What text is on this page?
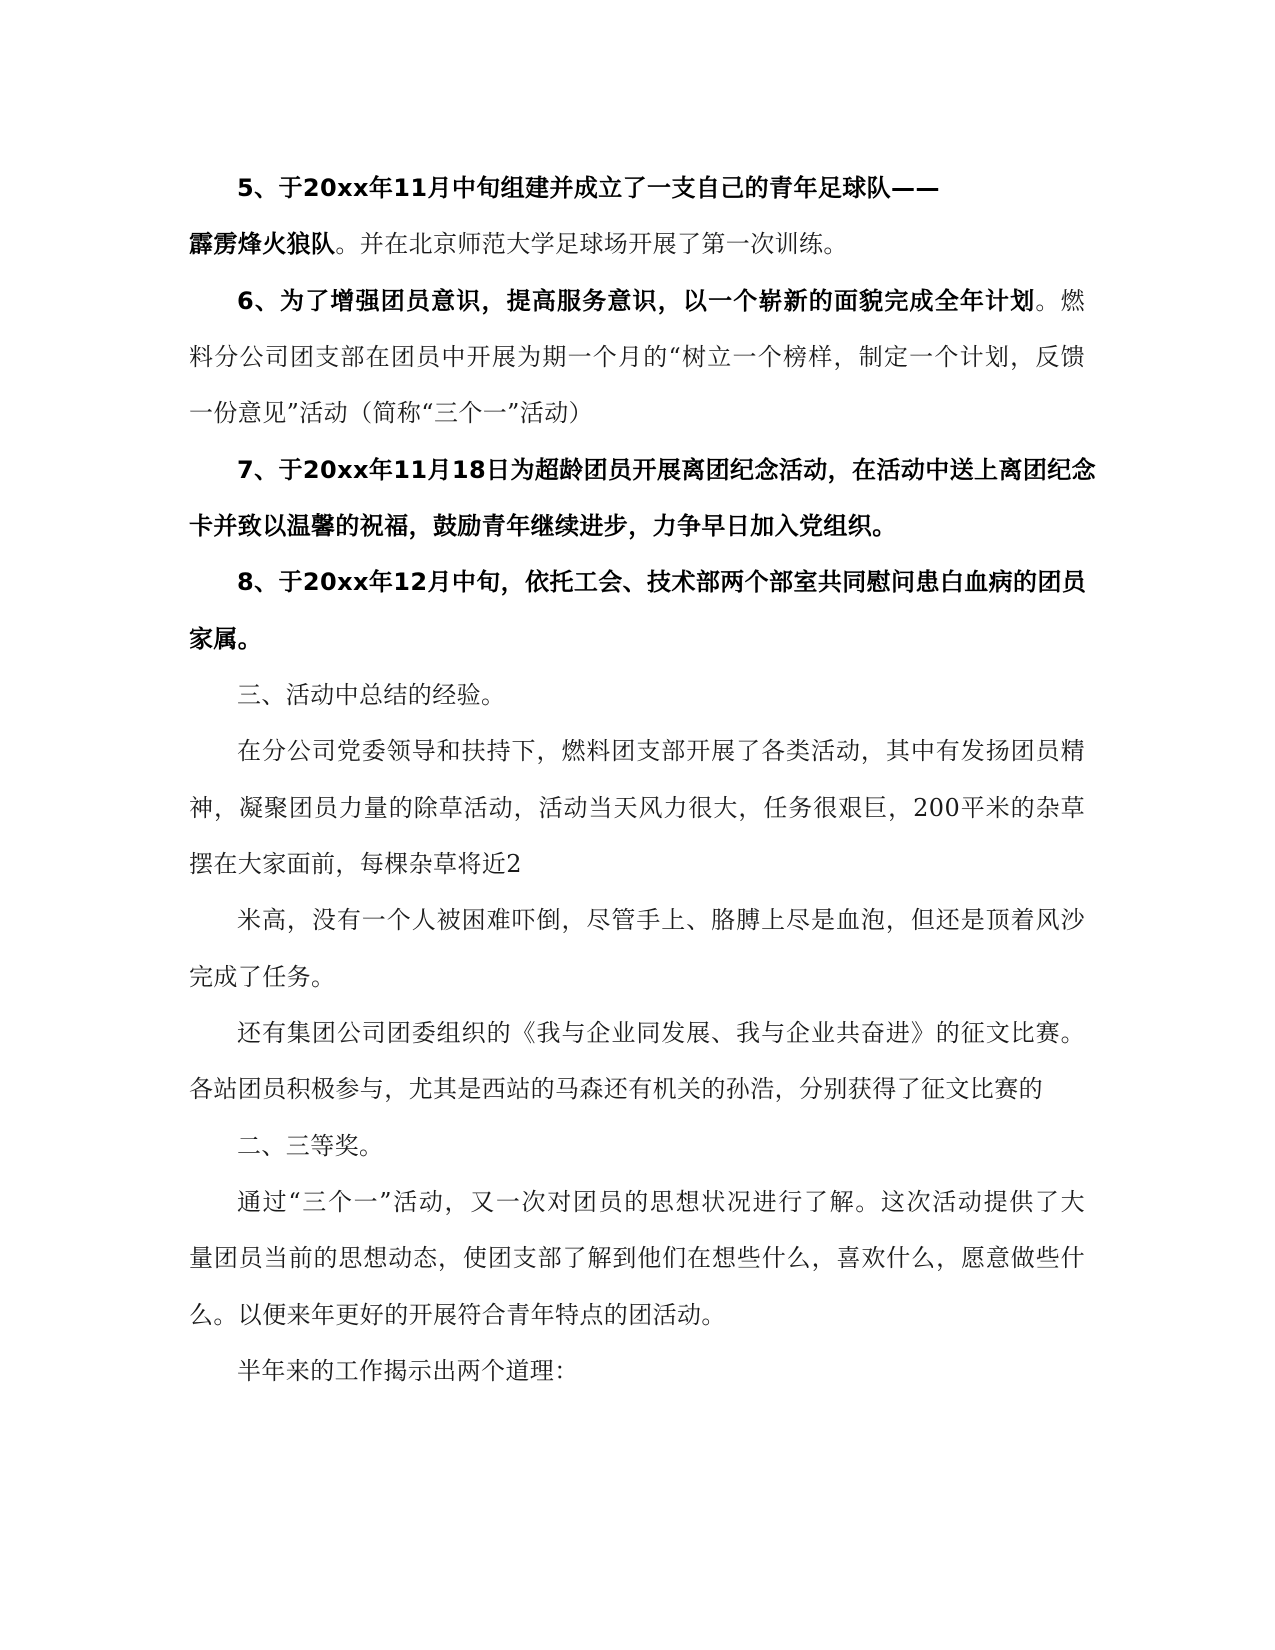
5、于20xx年11月中旬组建并成立了一支自己的青年足球队——
霹雳烽火狼队。并在北京师范大学足球场开展了第一次训练。
6、为了增强团员意识，提高服务意识，以一个崭新的面貌完成全年计划。燃
料分公司团支部在团员中开展为期一个月的“树立一个榜样，制定一个计划，反馈
一份意见”活动（简称“三个一”活动）
7、于20xx年11月18日为超龄团员开展离团纪念活动，在活动中送上离团纪念
卡并致以温馨的祝福，鼓励青年继续进步，力争早日加入党组织。
8、于20xx年12月中旬，依托工会、技术部两个部室共同慰问患白血病的团员
家属。
三、活动中总结的经验。
在分公司党委领导和扶持下，燃料团支部开展了各类活动，其中有发扬团员精
神，凝聚团员力量的除草活动，活动当天风力很大，任务很艰巨，200平米的杂草
摆在大家面前，每棵杂草将近2
米高，没有一个人被困难吓倒，尽管手上、胳膊上尽是血泡，但还是顶着风沙
完成了任务。
还有集团公司团委组织的《我与企业同发展、我与企业共奋进》的征文比赛。
各站团员积极参与，尤其是西站的马森还有机关的孙浩，分别获得了征文比赛的
二、三等奖。
通过“三个一”活动，又一次对团员的思想状况进行了解。这次活动提供了大
量团员当前的思想动态，使团支部了解到他们在想些什么，喜欢什么，愿意做些什
么。以便来年更好的开展符合青年特点的团活动。
半年来的工作揭示出两个道理：
